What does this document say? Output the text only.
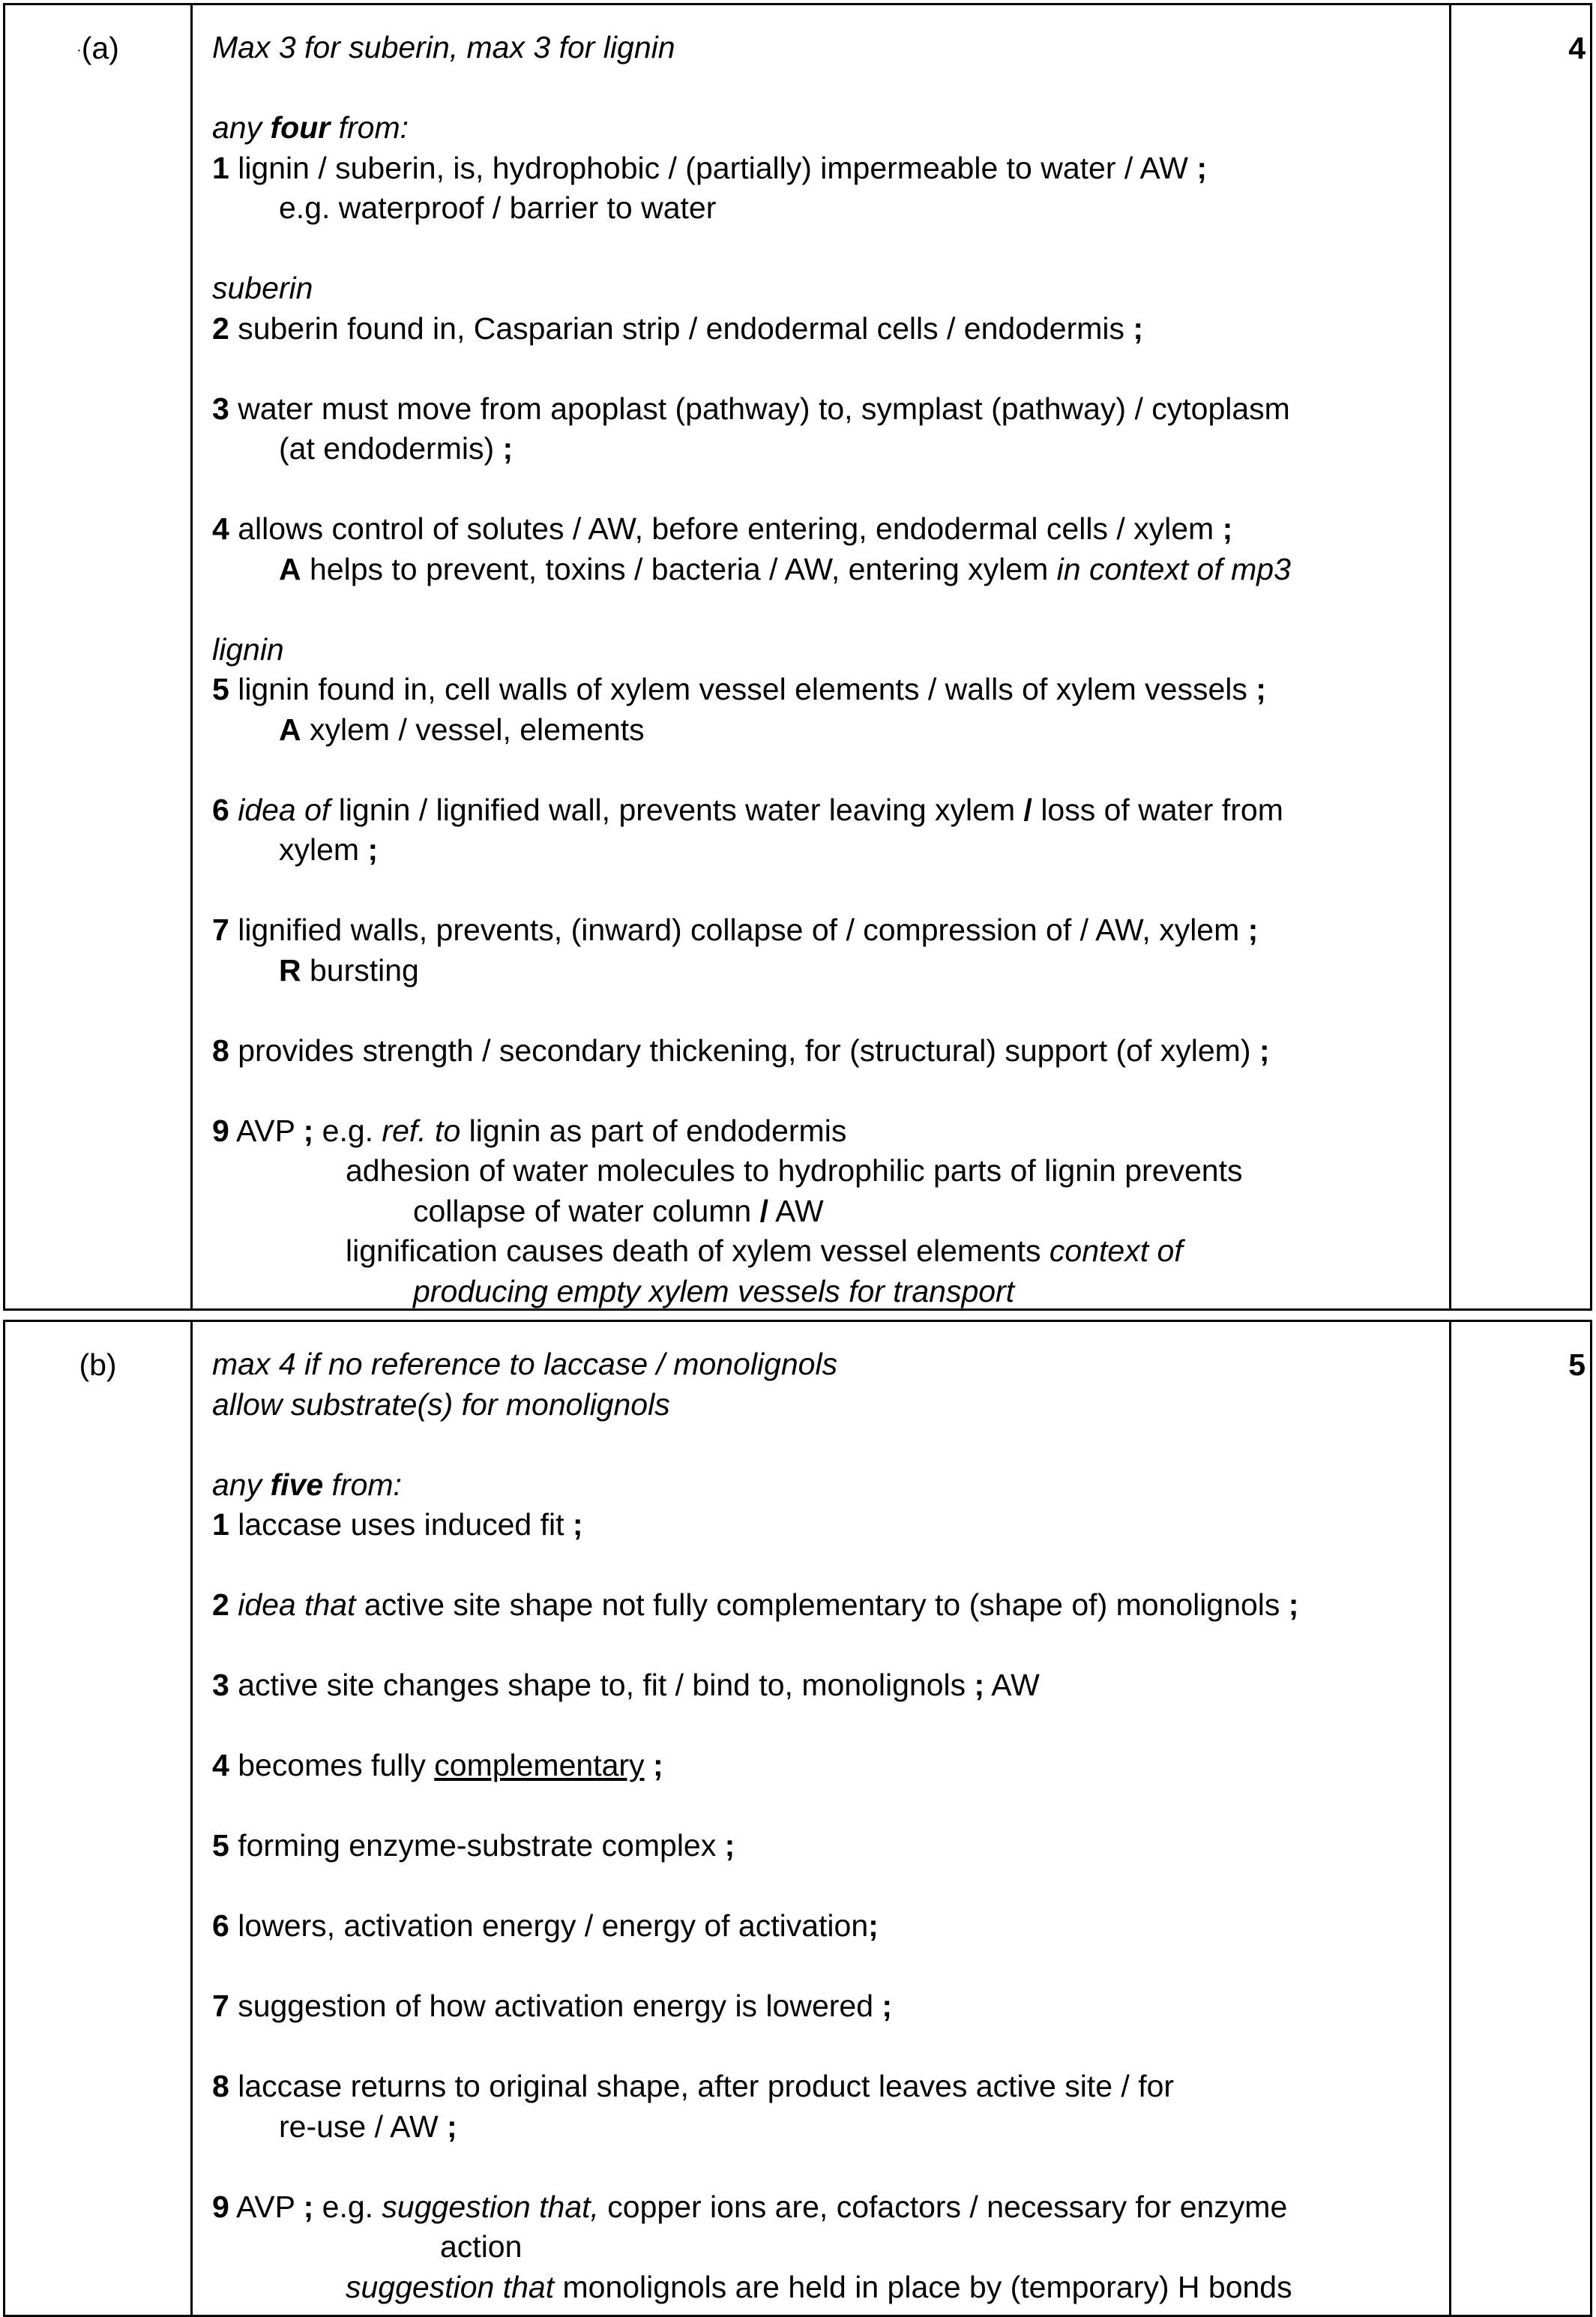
·(a)	4
Max 3 for suberin, max 3 for lignin
any four from:
1 lignin / suberin, is, hydrophobic / (partially) impermeable to water / AW ;
e.g. waterproof / barrier to water
suberin
2 suberin found in, Casparian strip / endodermal cells / endodermis ;
3 water must move from apoplast (pathway) to, symplast (pathway) / cytoplasm
(at endodermis) ;
4 allows control of solutes / AW, before entering, endodermal cells / xylem ;
A helps to prevent, toxins / bacteria / AW, entering xylem in context of mp3
lignin
5 lignin found in, cell walls of xylem vessel elements / walls of xylem vessels ;
A xylem / vessel, elements
6 idea of lignin / lignified wall, prevents water leaving xylem / loss of water from
xylem ;
7 lignified walls, prevents, (inward) collapse of / compression of / AW, xylem ;
R bursting
8 provides strength / secondary thickening, for (structural) support (of xylem) ;
9 AVP ; e.g. ref. to lignin as part of endodermis
adhesion of water molecules to hydrophilic parts of lignin prevents
collapse of water column / AW
lignification causes death of xylem vessel elements context of
producing empty xylem vessels for transport
(b)	5
max 4 if no reference to laccase / monolignols
allow substrate(s) for monolignols
any five from:
1 laccase uses induced fit ;
2 idea that active site shape not fully complementary to (shape of) monolignols ;
3 active site changes shape to, fit / bind to, monolignols ; AW
4 becomes fully complementary ;
5 forming enzyme-substrate complex ;
6 lowers, activation energy / energy of activation;
7 suggestion of how activation energy is lowered ;
8 laccase returns to original shape, after product leaves active site / for
re-use / AW ;
9 AVP ; e.g. suggestion that, copper ions are, cofactors / necessary for enzyme
action
suggestion that monolignols are held in place by (temporary) H bonds
